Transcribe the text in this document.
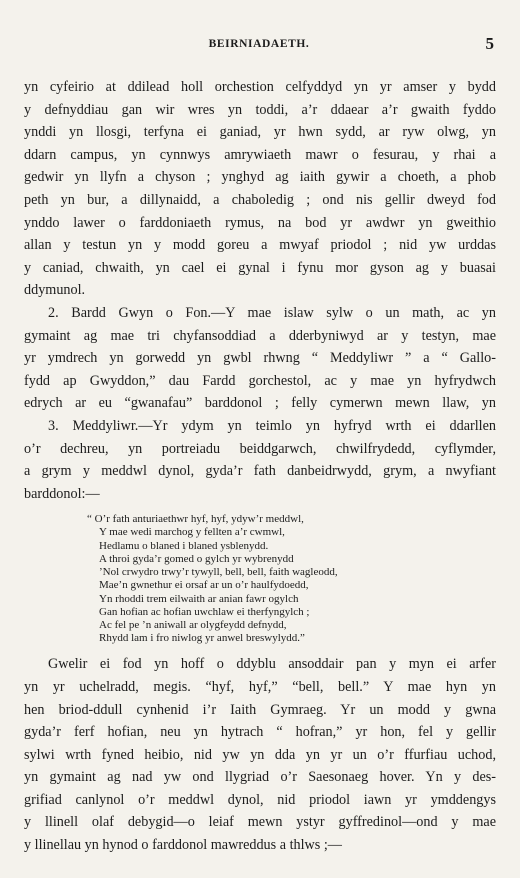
BEIRNIADAETH.	5
yn cyfeirio at ddilead holl orchestion celfyddyd yn yr amser y bydd
y defnyddiau gan wir wres yn toddi, a’r ddaear a’r gwaith fyddo
ynddi yn llosgi, terfyna ei ganiad, yr hwn sydd, ar ryw olwg, yn
ddarn campus, yn cynnwys amrywiaeth mawr o fesurau, y rhai a
gedwir yn llyfn a chyson ; ynghyd ag iaith gywir a choeth, a phob
peth yn bur, a dillynaidd, a chaboledig ; ond nis gellir dweyd fod
ynddo lawer o farddoniaeth rymus, na bod yr awdwr yn gweithio
allan y testun yn y modd goreu a mwyaf priodol ; nid yw urddas
y caniad, chwaith, yn cael ei gynal i fynu mor gyson ag y buasai
ddymunol.
2. Bardd Gwyn o Fon.—Y mae islaw sylw o un math, ac yn
gymaint ag mae tri chyfansoddiad a dderbyniwyd ar y testyn, mae
yr ymdrech yn gorwedd yn gwbl rhwng “ Meddyliwr ” a “ Gallo-
fydd ap Gwyddon,” dau Fardd gorchestol, ac y mae yn hyfrydwch
edrych ar eu “gwanafau” barddonol ; felly cymerwn mewn llaw, yn
3. Meddyliwr.—Yr ydym yn teimlo yn hyfryd wrth ei ddarllen
o’r dechreu, yn portreiadu beiddgarwch, chwilfrydedd, cyflymder,
a grym y meddwl dynol, gyda’r fath danbeidrwydd, grym, a nwyfiant
barddonol:—
“ O’r fath anturiaethwr hyf, hyf, ydyw’r meddwl,
Y mae wedi marchog y fellten a’r cwmwl,
Hedlamu o blaned i blaned ysblenydd.
A throi gyda’r gomed o gylch yr wybrenydd
’Nol crwydro trwy’r tywyll, bell, bell, faith wagleodd,
Mae’n gwnethur ei orsaf ar un o’r haulfydoedd,
Yn rhoddi trem eilwaith ar anian fawr ogylch
Gan hofian ac hofian uwchlaw ei therfyngylch ;
Ac fel pe ’n aniwall ar olygfeydd defnydd,
Rhydd lam i fro niwlog yr anwel breswylydd.”
Gwelir ei fod yn hoff o ddyblu ansoddair pan y myn ei arfer
yn yr uchelradd, megis. “hyf, hyf,” “bell, bell.” Y mae hyn yn
hen briod-ddull cynhenid i’r Iaith Gymraeg. Yr un modd y gwna
gyda’r ferf hofian, neu yn hytrach “ hofran,” yr hon, fel y gellir
sylwi wrth fyned heibio, nid yw yn dda yn yr un o’r ffurfiau uchod,
yn gymaint ag nad yw ond llygriad o’r Saesonaeg hover. Yn y des-
grifiad canlynol o’r meddwl dynol, nid priodol iawn yr ymddengys
y llinell olaf debygid—o leiaf mewn ystyr gyffredinol—ond y mae
y llinellau yn hynod o farddonol mawreddus a thlws ;—
